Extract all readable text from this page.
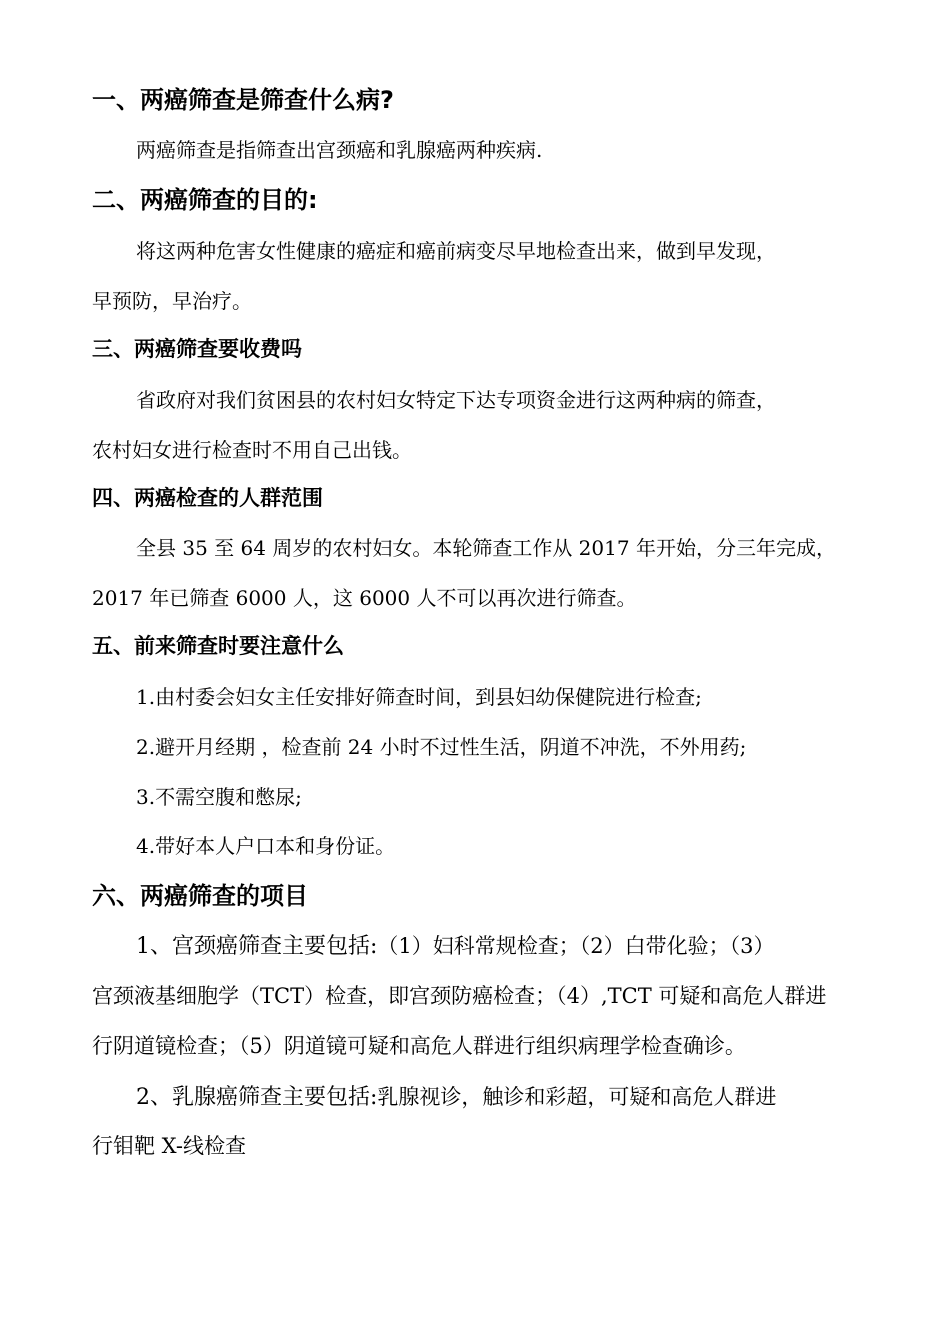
一、两癌筛查是筛查什么病?
两癌筛查是指筛查出宫颈癌和乳腺癌两种疾病.
二、两癌筛查的目的:
将这两种危害女性健康的癌症和癌前病变尽早地检查出来，做到早发现，
早预防，早治疗。
三、两癌筛查要收费吗
省政府对我们贫困县的农村妇女特定下达专项资金进行这两种病的筛查，
农村妇女进行检查时不用自己出钱。
四、两癌检查的人群范围
全县 35 至 64 周岁的农村妇女。本轮筛查工作从 2017 年开始，分三年完成，
2017 年已筛查 6000 人，这 6000 人不可以再次进行筛查。
五、前来筛查时要注意什么
1.由村委会妇女主任安排好筛查时间，到县妇幼保健院进行检查;
2.避开月经期 ，检查前 24 小时不过性生活，阴道不冲洗，不外用药;
3.不需空腹和憋尿;
4.带好本人户口本和身份证。
六、两癌筛查的项目
1、宫颈癌筛查主要包括:（1）妇科常规检查；（2）白带化验；（3）
宫颈液基细胞学（TCT）检查，即宫颈防癌检查；（4）,TCT 可疑和高危人群进
行阴道镜检查；（5）阴道镜可疑和高危人群进行组织病理学检查确诊。
2、乳腺癌筛查主要包括:乳腺视诊，触诊和彩超，可疑和高危人群进
行钼靶 X-线检查
